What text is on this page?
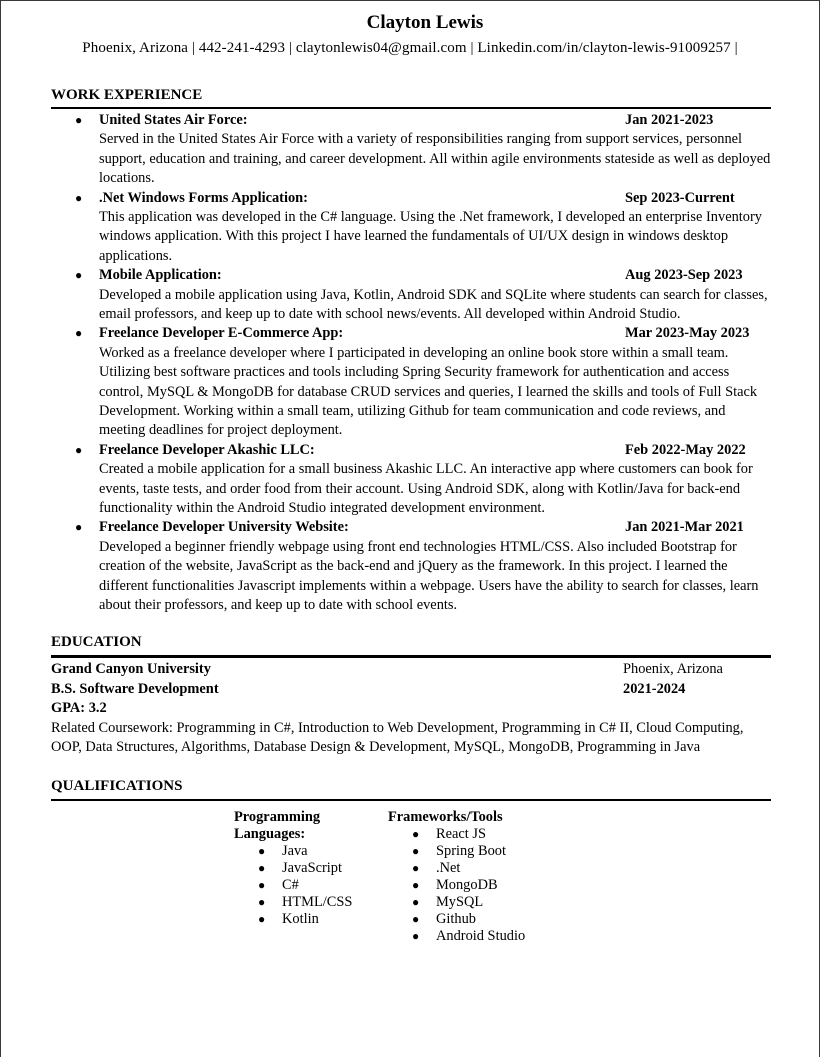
Clayton Lewis
Phoenix, Arizona | 442-241-4293 | claytonlewis04@gmail.com | Linkedin.com/in/clayton-lewis-91009257 |
WORK EXPERIENCE
● United States Air Force:	Jan 2021-2023
Served in the United States Air Force with a variety of responsibilities ranging from support services, personnel support, education and training, and career development. All within agile environments stateside as well as deployed locations.
● .Net Windows Forms Application:	Sep 2023-Current
This application was developed in the C# language. Using the .Net framework, I developed an enterprise Inventory windows application. With this project I have learned the fundamentals of UI/UX design in windows desktop applications.
● Mobile Application:	Aug 2023-Sep 2023
Developed a mobile application using Java, Kotlin, Android SDK and SQLite where students can search for classes, email professors, and keep up to date with school news/events. All developed within Android Studio.
● Freelance Developer E-Commerce App:	Mar 2023-May 2023
Worked as a freelance developer where I participated in developing an online book store within a small team. Utilizing best software practices and tools including Spring Security framework for authentication and access control, MySQL & MongoDB for database CRUD services and queries, I learned the skills and tools of Full Stack Development. Working within a small team, utilizing Github for team communication and code reviews, and meeting deadlines for project deployment.
● Freelance Developer Akashic LLC:	Feb 2022-May 2022
Created a mobile application for a small business Akashic LLC. An interactive app where customers can book for events, taste tests, and order food from their account. Using Android SDK, along with Kotlin/Java for back-end functionality within the Android Studio integrated development environment.
● Freelance Developer University Website:	Jan 2021-Mar 2021
Developed a beginner friendly webpage using front end technologies HTML/CSS. Also included Bootstrap for creation of the website, JavaScript as the back-end and jQuery as the framework. In this project. I learned the different functionalities Javascript implements within a webpage. Users have the ability to search for classes, learn about their professors, and keep up to date with school events.
EDUCATION
Grand Canyon University	Phoenix, Arizona
B.S. Software Development	2021-2024
GPA: 3.2
Related Coursework: Programming in C#, Introduction to Web Development, Programming in C# II, Cloud Computing, OOP, Data Structures, Algorithms, Database Design & Development, MySQL, MongoDB, Programming in Java
QUALIFICATIONS
Programming
Languages:
● Java
● JavaScript
● C#
● HTML/CSS
● Kotlin
Frameworks/Tools
● React JS
● Spring Boot
● .Net
● MongoDB
● MySQL
● Github
● Android Studio
